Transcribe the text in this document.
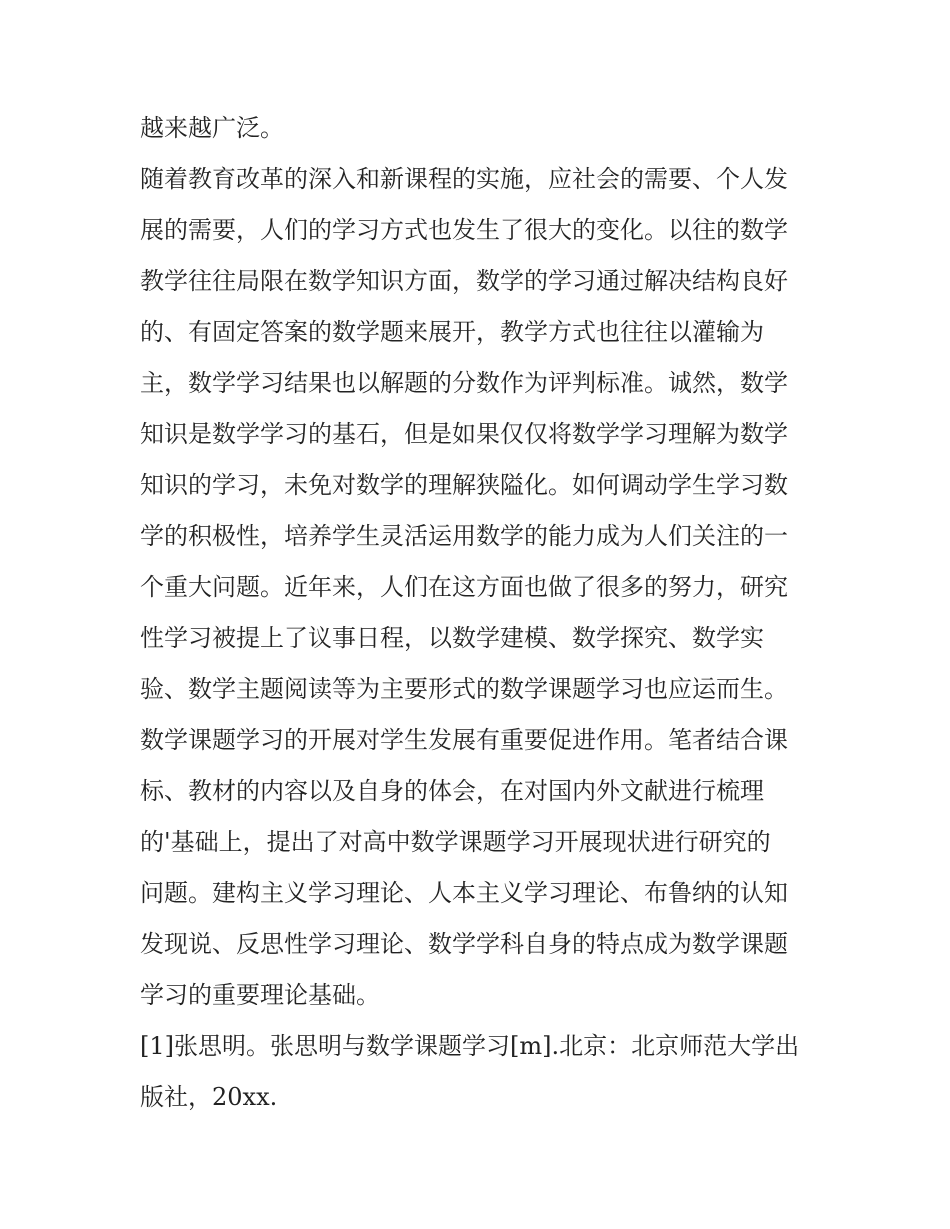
越来越广泛。
随着教育改革的深入和新课程的实施，应社会的需要、个人发
展的需要，人们的学习方式也发生了很大的变化。以往的数学
教学往往局限在数学知识方面，数学的学习通过解决结构良好
的、有固定答案的数学题来展开，教学方式也往往以灌输为
主，数学学习结果也以解题的分数作为评判标准。诚然，数学
知识是数学学习的基石，但是如果仅仅将数学学习理解为数学
知识的学习，未免对数学的理解狭隘化。如何调动学生学习数
学的积极性，培养学生灵活运用数学的能力成为人们关注的一
个重大问题。近年来，人们在这方面也做了很多的努力，研究
性学习被提上了议事日程，以数学建模、数学探究、数学实
验、数学主题阅读等为主要形式的数学课题学习也应运而生。
数学课题学习的开展对学生发展有重要促进作用。笔者结合课
标、教材的内容以及自身的体会，在对国内外文献进行梳理
的'基础上，提出了对高中数学课题学习开展现状进行研究的
问题。建构主义学习理论、人本主义学习理论、布鲁纳的认知
发现说、反思性学习理论、数学学科自身的特点成为数学课题
学习的重要理论基础。
[1]张思明。张思明与数学课题学习[m].北京：北京师范大学出
版社，20xx.
